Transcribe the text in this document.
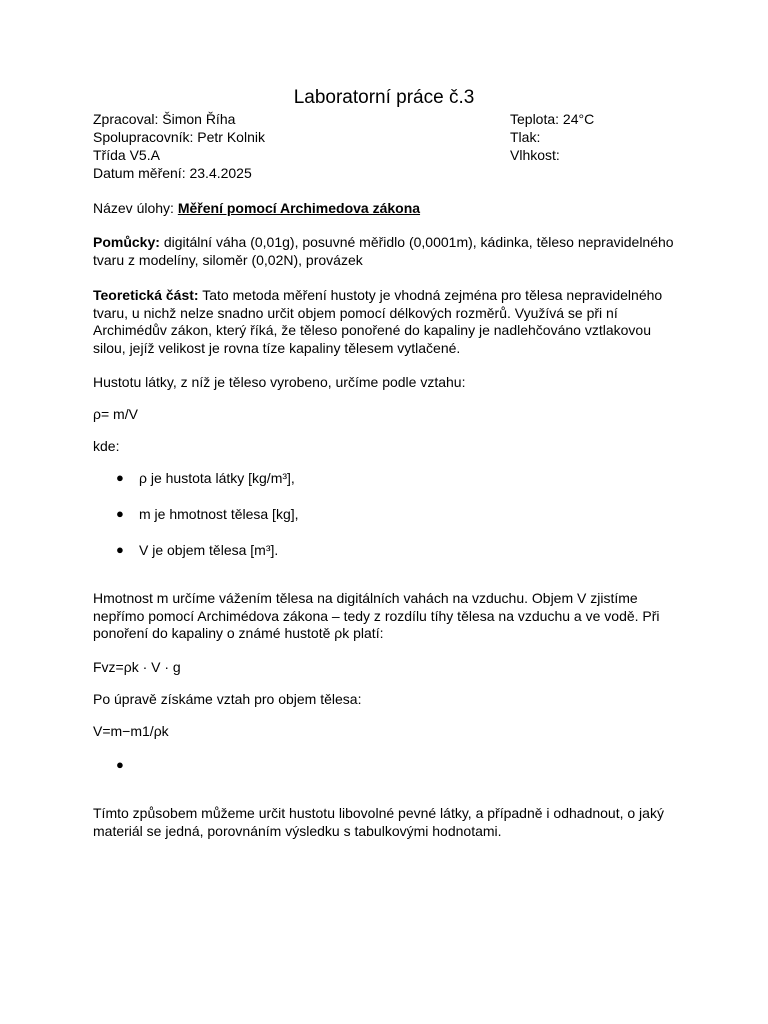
Laboratorní práce č.3
Zpracoval: Šimon Říha
Spolupracovník: Petr Kolnik
Třída V5.A
Datum měření: 23.4.2025
Teplota: 24°C
Tlak:
Vlhkost:
Název úlohy: Měření pomocí Archimedova zákona
Pomůcky: digitální váha (0,01g), posuvné měřidlo (0,0001m), kádinka, těleso nepravidelného tvaru z modelíny, siloměr (0,02N), provázek
Teoretická část: Tato metoda měření hustoty je vhodná zejména pro tělesa nepravidelného tvaru, u nichž nelze snadno určit objem pomocí délkových rozměrů. Využívá se při ní Archimédův zákon, který říká, že těleso ponořené do kapaliny je nadlehčováno vztlakovou silou, jejíž velikost je rovna tíze kapaliny tělesem vytlačené.
Hustotu látky, z níž je těleso vyrobeno, určíme podle vztahu:
ρ= m/V
kde:
● ρ je hustota látky [kg/m³],
● m je hmotnost tělesa [kg],
● V je objem tělesa [m³].
Hmotnost m určíme vážením tělesa na digitálních vahách na vzduchu. Objem V zjistíme nepřímo pomocí Archimédova zákona – tedy z rozdílu tíhy tělesa na vzduchu a ve vodě. Při ponoření do kapaliny o známé hustotě ρk platí:
Fvz=ρk · V · g
Po úpravě získáme vztah pro objem tělesa:
V=m−m1/ρk
●
Tímto způsobem můžeme určit hustotu libovolné pevné látky, a případně i odhadnout, o jaký materiál se jedná, porovnáním výsledku s tabulkovými hodnotami.
